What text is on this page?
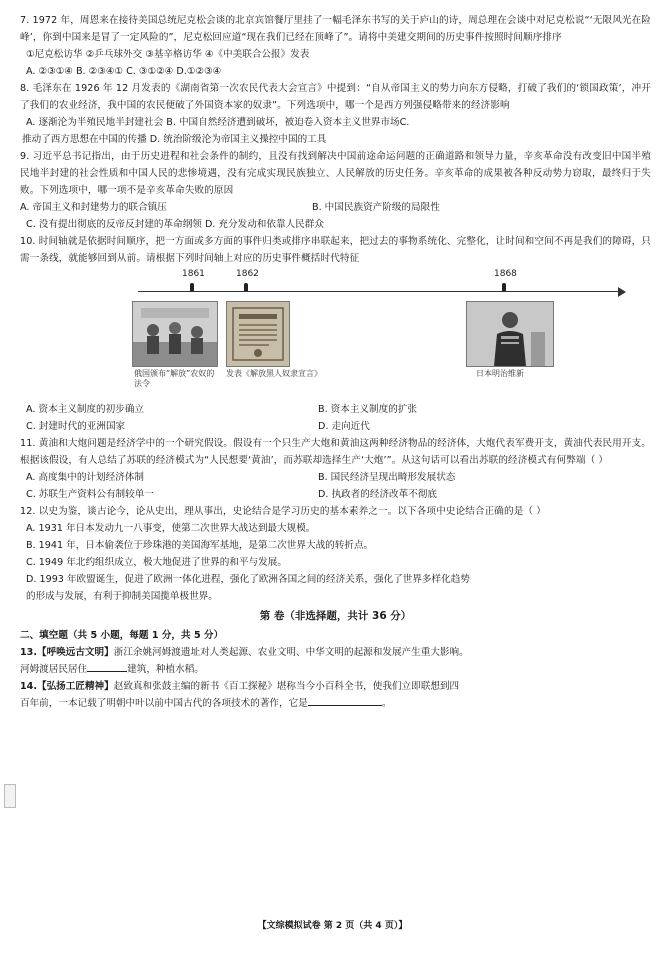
7. 1972 年，周恩来在接待美国总统尼克松会谈的北京宾馆餐厅里挂了一幅毛泽东书写的关于庐山的诗，周总理在会谈中对尼克松说“‘无限风光在险峰’，你到中国来是冒了一定风险的”，尼克松回应道“现在我们已经在顶峰了”。请将中美建交期间的历史事件按照时间顺序排序

①尼克松访华 ②乒乓球外交 ③基辛格访华 ④《中美联合公报》发表
A. ②③①④ B. ②③④① C. ③①②④ D.①②③④

8. 毛泽东在 1926 年 12 月发表的《湖南省第一次农民代表大会宣言》中提到：“自从帝国主义的势力向东方侵略，打破了我们的‘锁国政策’，冲开了我们的农业经济，我中国的农民便破了外国资本家的奴隶”。下列选项中，哪一个是西方列强侵略带来的经济影响

A. 逐渐沦为半殖民地半封建社会 B. 中国自然经济遭到破坏，被迫卷入资本主义世界市场C.
推动了西方思想在中国的传播 D. 统治阶级沦为帝国主义操控中国的工具

9. 习近平总书记指出，由于历史进程和社会条件的制约，且没有找到解决中国前途命运问题的正确道路和领导力量，辛亥革命没有改变旧中国半殖民地半封建的社会性质和中国人民的悲惨境遇，没有完成实现民族独立、人民解放的历史任务。辛亥革命的成果被各种反动势力窃取，最终归于失败。下列选项中，哪一项不是辛亥革命失败的原因

A. 帝国主义和封建势力的联合镇压	B. 中国民族资产阶级的局限性
C. 没有提出彻底的反帝反封建的革命纲领 D. 充分发动和依靠人民群众

10. 时间轴就是依据时间顺序，把一方面或多方面的事件归类或排序串联起来，把过去的事物系统化、完整化，让时间和空间不再是我们的障碍，只需一条线，就能够回到从前。请根据下列时间轴上对应的历史事件概括时代特征

1861	1862	1868
俄国颁布“解放”农奴的法令
发表《解放黑人奴隶宣言》	日本明治维新
A. 资本主义制度的初步确立	B. 资本主义制度的扩张
C. 封建时代的亚洲国家	D. 走向近代

11. 黄油和大炮问题是经济学中的一个研究假设。假设有一个只生产大炮和黄油这两种经济物品的经济体，大炮代表军费开支，黄油代表民用开支。根据该假设，有人总结了苏联的经济模式为“人民想要‘黄油’，而苏联却选择生产‘大炮’”。从这句话可以看出苏联的经济模式有何弊端（ ）

A. 高度集中的计划经济体制	B. 国民经济呈现出畸形发展状态
C. 苏联生产资料公有制较单一	D. 执政者的经济改革不彻底

12. 以史为鉴，谈古论今，论从史出，理从事出，史论结合是学习历史的基本素养之一。以下各项中史论结合正确的是（ ）

A. 1931 年日本发动九一八事变，使第二次世界大战达到最大规模。
B. 1941 年，日本偷袭位于珍珠港的美国海军基地，是第二次世界大战的转折点。
C. 1949 年北约组织成立，极大地促进了世界的和平与发展。
D. 1993 年欧盟诞生，促进了欧洲一体化进程，强化了欧洲各国之间的经济关系，强化了世界多样化趋势
的形成与发展，有利于抑制美国揽单极世界。
第 卷（非选择题，共计 36 分）
二、填空题（共 5 小题，每题 1 分，共 5 分）
13.【呼唤远古文明】浙江余姚河姆渡遗址对人类起源、农业文明、中华文明的起源和发展产生重大影响。
河姆渡居民居住	建筑，种植水稻。
14.【弘扬工匠精神】赵致真和张鼓主编的新书《百工探秘》堪称当今小百科全书，使我们立即联想到四
百年前，一本记载了明朝中叶以前中国古代的各项技术的著作，它是	。
【文综模拟试卷 第 2 页（共 4 页）】
